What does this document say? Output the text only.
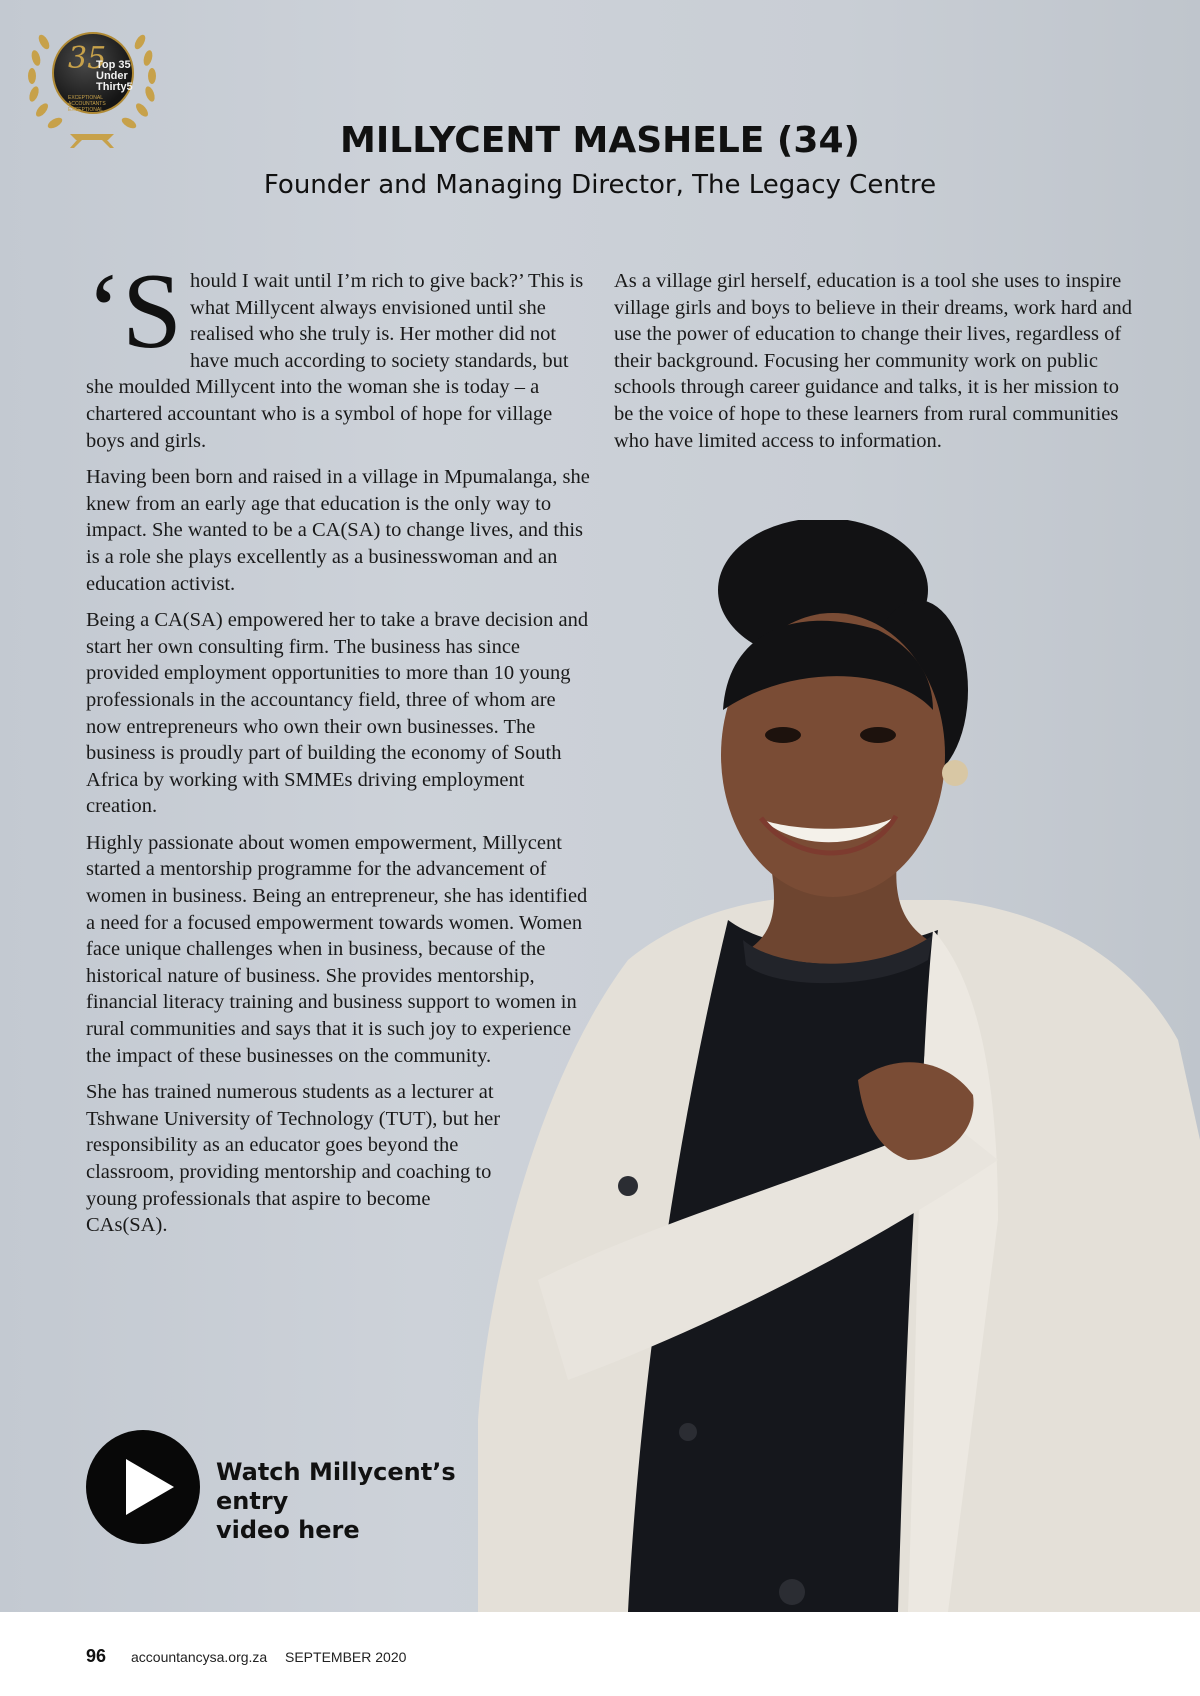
35
Top 35
Under
Thirty5
EXCEPTIONAL ACCOUNTANTS EXCEPTIONAL
MILLYCENT MASHELE (34)
Founder and Managing Director, The Legacy Centre

‘Should I wait until I’m rich to give back?’ This is what Millycent always envisioned until she realised who she truly is. Her mother did not have much according to society standards, but she moulded Millycent into the woman she is today – a chartered accountant who is a symbol of hope for village boys and girls.

Having been born and raised in a village in Mpumalanga, she knew from an early age that education is the only way to impact. She wanted to be a CA(SA) to change lives, and this is a role she plays excellently as a businesswoman and an education activist.

Being a CA(SA) empowered her to take a brave decision and start her own consulting firm. The business has since provided employment opportunities to more than 10 young professionals in the accountancy field, three of whom are now entrepreneurs who own their own businesses. The business is proudly part of building the economy of South Africa by working with SMMEs driving employment creation.

Highly passionate about women empowerment, Millycent started a mentorship programme for the advancement of women in business. Being an entrepreneur, she has identified a need for a focused empowerment towards women. Women face unique challenges when in business, because of the historical nature of business. She provides mentorship, financial literacy training and business support to women in rural communities and says that it is such joy to experience the impact of these businesses on the community.

She has trained numerous students as a lecturer at Tshwane University of Technology (TUT), but her responsibility as an educator goes beyond the classroom, providing mentorship and coaching to young professionals that aspire to become CAs(SA).

As a village girl herself, education is a tool she uses to inspire village girls and boys to believe in their dreams, work hard and use the power of education to change their lives, regardless of their background. Focusing her community work on public schools through career guidance and talks, it is her mission to be the voice of hope to these learners from rural communities who have limited access to information.

Watch Millycent’s entry
video here
96 accountancysa.org.za SEPTEMBER 2020
